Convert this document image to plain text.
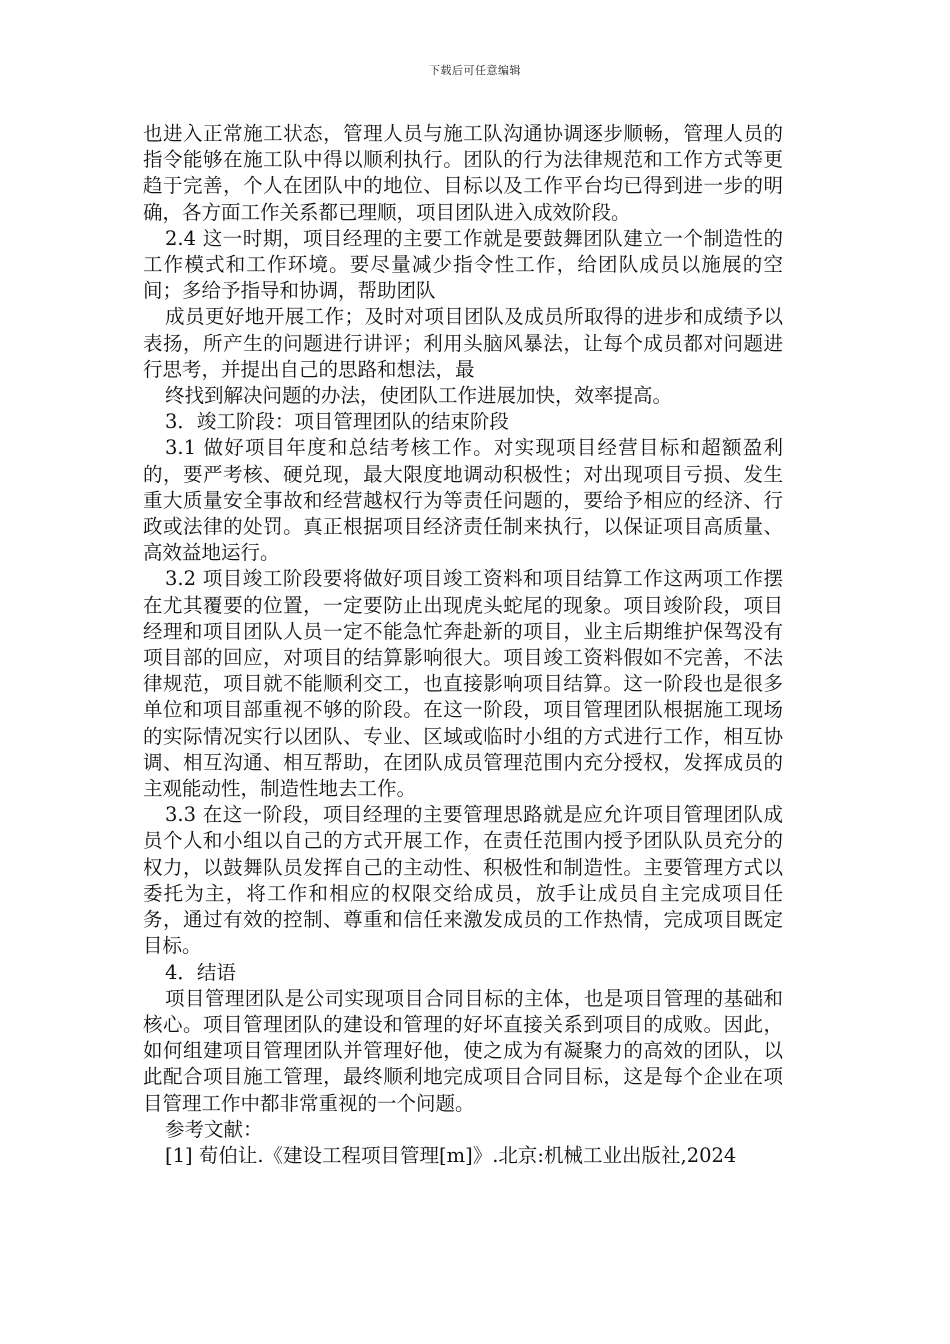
下载后可任意编辑

也进入正常施工状态，管理人员与施工队沟通协调逐步顺畅，管理人员的指令能够在施工队中得以顺利执行。团队的行为法律规范和工作方式等更趋于完善，个人在团队中的地位、目标以及工作平台均已得到进一步的明确，各方面工作关系都已理顺，项目团队进入成效阶段。

2.4 这一时期，项目经理的主要工作就是要鼓舞团队建立一个制造性的工作模式和工作环境。要尽量减少指令性工作，给团队成员以施展的空间；多给予指导和协调，帮助团队

成员更好地开展工作；及时对项目团队及成员所取得的进步和成绩予以表扬，所产生的问题进行讲评；利用头脑风暴法，让每个成员都对问题进行思考，并提出自己的思路和想法，最

终找到解决问题的办法，使团队工作进展加快，效率提高。

3．竣工阶段：项目管理团队的结束阶段

3.1 做好项目年度和总结考核工作。对实现项目经营目标和超额盈利的，要严考核、硬兑现，最大限度地调动积极性；对出现项目亏损、发生重大质量安全事故和经营越权行为等责任问题的，要给予相应的经济、行政或法律的处罚。真正根据项目经济责任制来执行，以保证项目高质量、高效益地运行。

3.2 项目竣工阶段要将做好项目竣工资料和项目结算工作这两项工作摆在尤其覆要的位置，一定要防止出现虎头蛇尾的现象。项目竣阶段，项目经理和项目团队人员一定不能急忙奔赴新的项目，业主后期维护保驾没有项目部的回应，对项目的结算影响很大。项目竣工资料假如不完善，不法律规范，项目就不能顺利交工，也直接影响项目结算。这一阶段也是很多单位和项目部重视不够的阶段。在这一阶段，项目管理团队根据施工现场的实际情况实行以团队、专业、区域或临时小组的方式进行工作，相互协调、相互沟通、相互帮助，在团队成员管理范围内充分授权，发挥成员的主观能动性，制造性地去工作。

3.3 在这一阶段，项目经理的主要管理思路就是应允许项目管理团队成员个人和小组以自己的方式开展工作，在责任范围内授予团队队员充分的权力，以鼓舞队员发挥自己的主动性、积极性和制造性。主要管理方式以委托为主，将工作和相应的权限交给成员，放手让成员自主完成项目任务，通过有效的控制、尊重和信任来激发成员的工作热情，完成项目既定目标。

4．结语

项目管理团队是公司实现项目合同目标的主体，也是项目管理的基础和核心。项目管理团队的建设和管理的好坏直接关系到项目的成败。因此，如何组建项目管理团队并管理好他，使之成为有凝聚力的高效的团队，以此配合项目施工管理，最终顺利地完成项目合同目标，这是每个企业在项目管理工作中都非常重视的一个问题。

参考文献：

[1] 荀伯让.《建设工程项目管理[m]》.北京:机械工业出版社,2024
